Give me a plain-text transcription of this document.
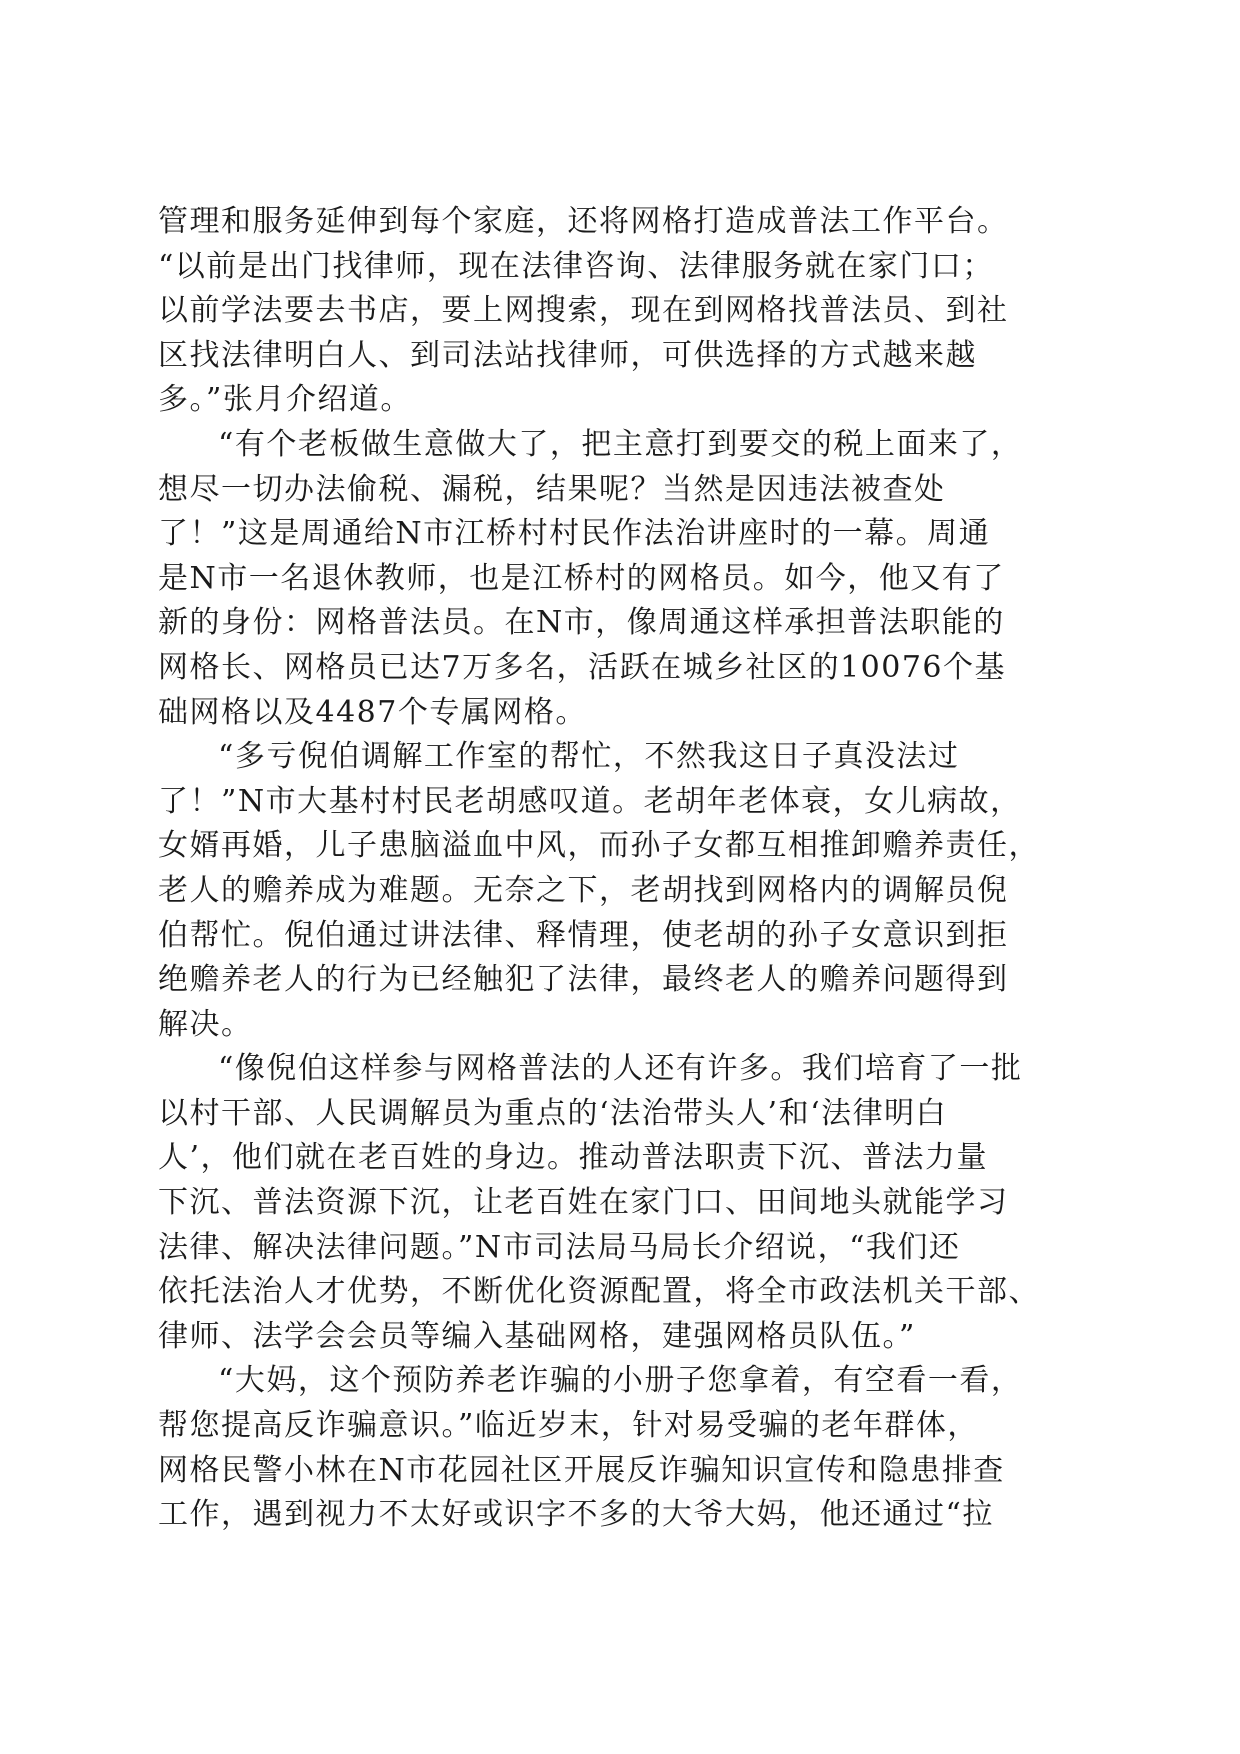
管理和服务延伸到每个家庭，还将网格打造成普法工作平台。
“以前是出门找律师，现在法律咨询、法律服务就在家门口；
以前学法要去书店，要上网搜索，现在到网格找普法员、到社
区找法律明白人、到司法站找律师，可供选择的方式越来越
多。”张月介绍道。
“有个老板做生意做大了，把主意打到要交的税上面来了，
想尽一切办法偷税、漏税，结果呢？当然是因违法被查处
了！”这是周通给N市江桥村村民作法治讲座时的一幕。周通
是N市一名退休教师，也是江桥村的网格员。如今，他又有了
新的身份：网格普法员。在N市，像周通这样承担普法职能的
网格长、网格员已达7万多名，活跃在城乡社区的10076个基
础网格以及4487个专属网格。
“多亏倪伯调解工作室的帮忙，不然我这日子真没法过
了！”N市大基村村民老胡感叹道。老胡年老体衰，女儿病故，
女婿再婚，儿子患脑溢血中风，而孙子女都互相推卸赡养责任，
老人的赡养成为难题。无奈之下，老胡找到网格内的调解员倪
伯帮忙。倪伯通过讲法律、释情理，使老胡的孙子女意识到拒
绝赡养老人的行为已经触犯了法律，最终老人的赡养问题得到
解决。
“像倪伯这样参与网格普法的人还有许多。我们培育了一批
以村干部、人民调解员为重点的‘法治带头人’和‘法律明白
人’，他们就在老百姓的身边。推动普法职责下沉、普法力量
下沉、普法资源下沉，让老百姓在家门口、田间地头就能学习
法律、解决法律问题。”N市司法局马局长介绍说，“我们还
依托法治人才优势，不断优化资源配置，将全市政法机关干部、
律师、法学会会员等编入基础网格，建强网格员队伍。”
“大妈，这个预防养老诈骗的小册子您拿着，有空看一看，
帮您提高反诈骗意识。”临近岁末，针对易受骗的老年群体，
网格民警小林在N市花园社区开展反诈骗知识宣传和隐患排查
工作，遇到视力不太好或识字不多的大爷大妈，他还通过“拉
